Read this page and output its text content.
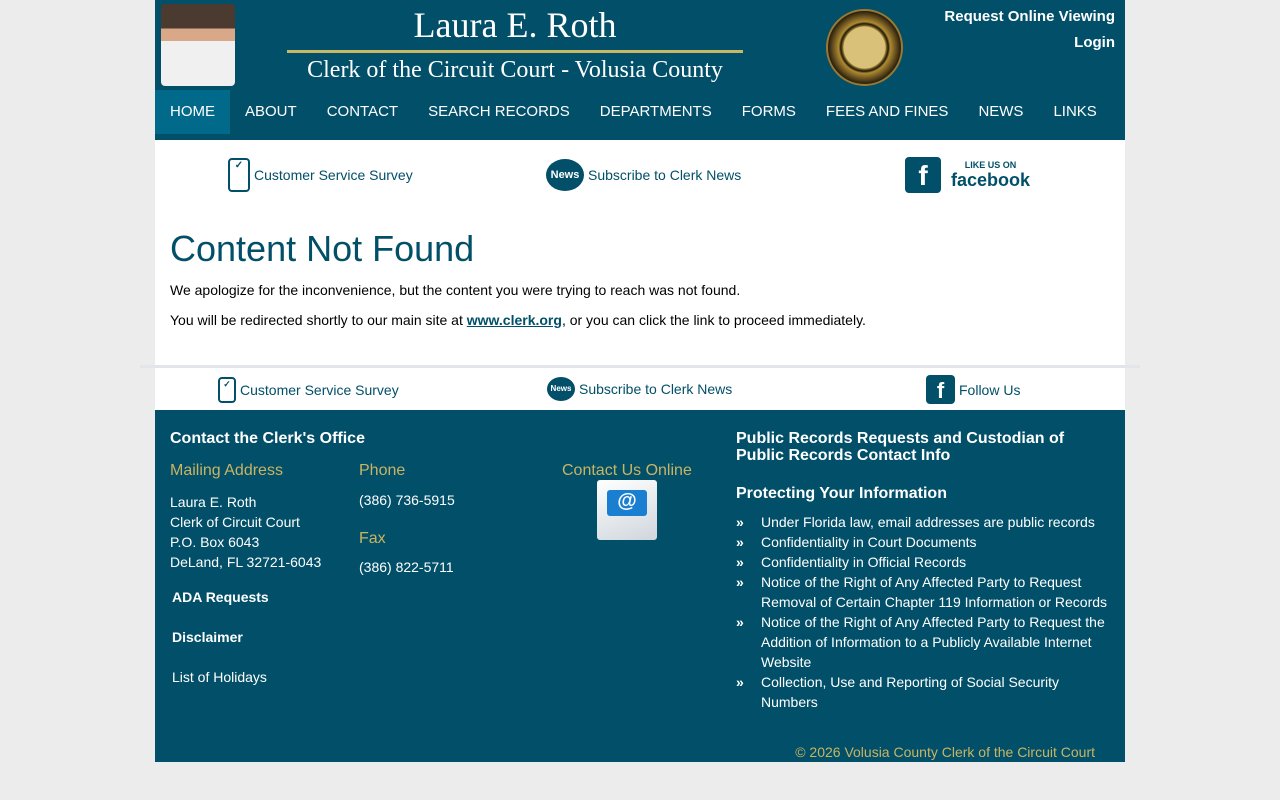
Laura E. Roth
Clerk of the Circuit Court - Volusia County
Request Online Viewing
Login
HOME	ABOUT	CONTACT	SEARCH RECORDS	DEPARTMENTS	FORMS	FEES AND FINES	NEWS	LINKS
✓
Customer Service Survey	News Subscribe to Clerk News	f	LIKE US ON
facebook
Content Not Found

We apologize for the inconvenience, but the content you were trying to reach was not found.

You will be redirected shortly to our main site at www.clerk.org, or you can click the link to proceed immediately.

✓ Customer Service Survey	News Subscribe to Clerk News	f	Follow Us
Contact the Clerk's Office
Mailing Address
Laura E. Roth
Clerk of Circuit Court
P.O. Box 6043
DeLand, FL 32721-6043
Phone
(386) 736-5915
Fax
(386) 822-5711
Contact Us Online
@
ADA Requests
Disclaimer
List of Holidays
Public Records Requests and Custodian of Public Records Contact Info
Protecting Your Information
» Under Florida law, email addresses are public records
» Confidentiality in Court Documents
» Confidentiality in Official Records
» Notice of the Right of Any Affected Party to Request Removal of Certain Chapter 119 Information or Records
» Notice of the Right of Any Affected Party to Request the Addition of Information to a Publicly Available Internet Website
» Collection, Use and Reporting of Social Security Numbers
© 2026 Volusia County Clerk of the Circuit Court
